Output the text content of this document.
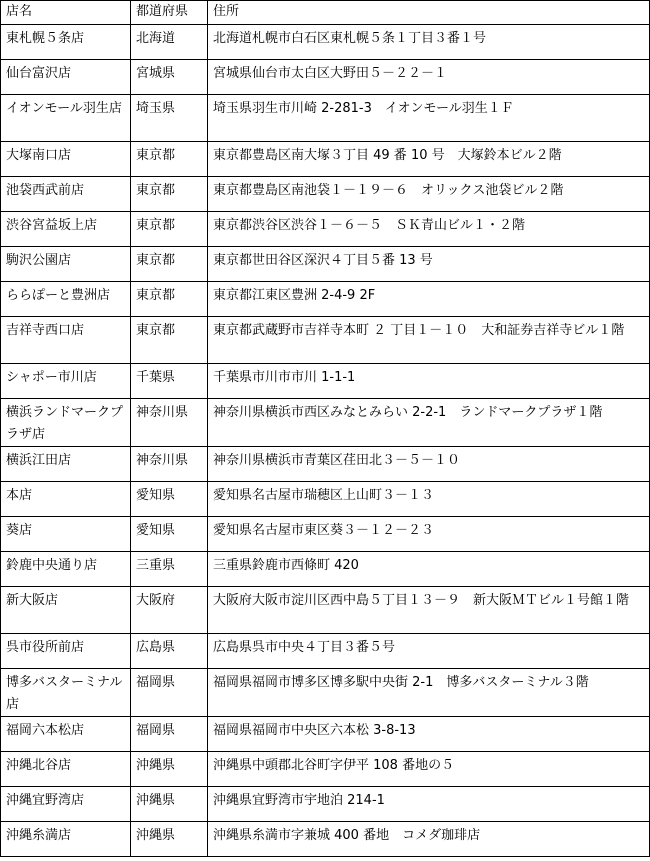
店名	都道府県	住所
東札幌５条店	北海道	北海道札幌市白石区東札幌５条１丁目３番１号
仙台富沢店	宮城県	宮城県仙台市太白区大野田５－２２－１
イオンモール羽生店	埼玉県	埼玉県羽生市川崎 2-281-3　イオンモール羽生１Ｆ
大塚南口店	東京都	東京都豊島区南大塚３丁目 49 番 10 号　大塚鈴本ビル２階
池袋西武前店	東京都	東京都豊島区南池袋１－１９－６　オリックス池袋ビル２階
渋谷宮益坂上店	東京都	東京都渋谷区渋谷１－６－５　ＳＫ青山ビル１・２階
駒沢公園店	東京都	東京都世田谷区深沢４丁目５番 13 号
ららぽーと豊洲店	東京都	東京都江東区豊洲 2-4-9 2F
吉祥寺西口店	東京都	東京都武蔵野市吉祥寺本町 ２ 丁目１－１０　大和証券吉祥寺ビル１階
シャポー市川店	千葉県	千葉県市川市市川 1-1-1
横浜ランドマークプラザ店	神奈川県	神奈川県横浜市西区みなとみらい 2-2-1　ランドマークプラザ１階
横浜江田店	神奈川県	神奈川県横浜市青葉区荏田北３－５－１０
本店	愛知県	愛知県名古屋市瑞穂区上山町３－１３
葵店	愛知県	愛知県名古屋市東区葵３－１２－２３
鈴鹿中央通り店	三重県	三重県鈴鹿市西條町 420
新大阪店	大阪府	大阪府大阪市淀川区西中島５丁目１３－９　新大阪ＭＴビル１号館１階
呉市役所前店	広島県	広島県呉市中央４丁目３番５号
博多バスターミナル店	福岡県	福岡県福岡市博多区博多駅中央街 2-1　博多バスターミナル３階
福岡六本松店	福岡県	福岡県福岡市中央区六本松 3-8-13
沖縄北谷店	沖縄県	沖縄県中頭郡北谷町字伊平 108 番地の５
沖縄宜野湾店	沖縄県	沖縄県宜野湾市宇地泊 214-1
沖縄糸満店	沖縄県	沖縄県糸満市字兼城 400 番地　コメダ珈琲店
